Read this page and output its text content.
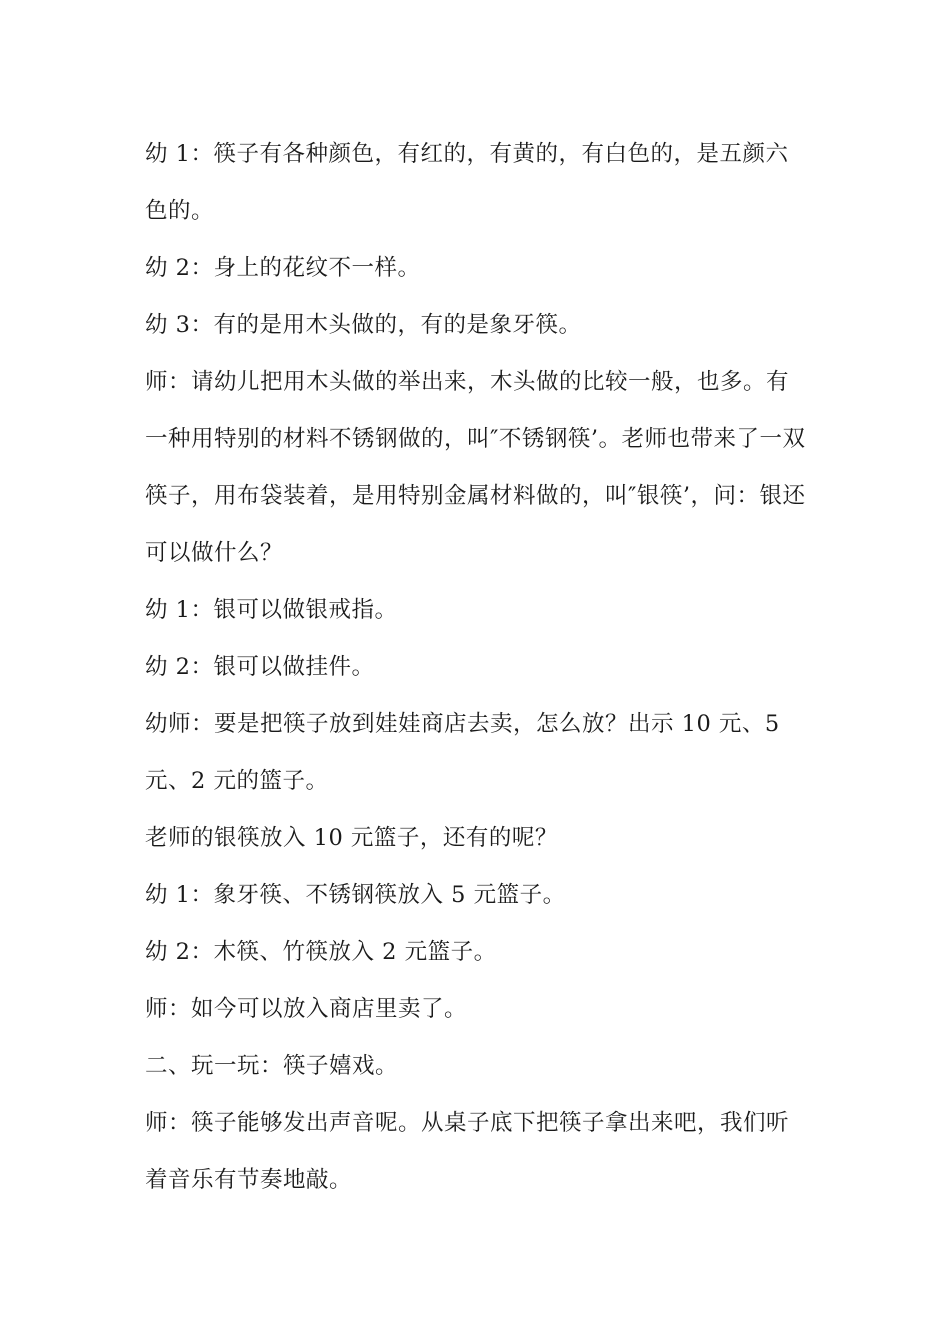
幼 1：筷子有各种颜色，有红的，有黄的，有白色的，是五颜六色的。

幼 2：身上的花纹不一样。

幼 3：有的是用木头做的，有的是象牙筷。

师：请幼儿把用木头做的举出来，木头做的比较一般，也多。有一种用特别的材料不锈钢做的，叫″不锈钢筷’。老师也带来了一双筷子，用布袋装着，是用特别金属材料做的，叫″银筷’，问：银还可以做什么？

幼 1：银可以做银戒指。

幼 2：银可以做挂件。

幼师：要是把筷子放到娃娃商店去卖，怎么放？出示 10 元、5 元、2 元的篮子。

老师的银筷放入 10 元篮子，还有的呢？

幼 1：象牙筷、不锈钢筷放入 5 元篮子。

幼 2：木筷、竹筷放入 2 元篮子。

师：如今可以放入商店里卖了。

二、玩一玩：筷子嬉戏。

师：筷子能够发出声音呢。从桌子底下把筷子拿出来吧，我们听着音乐有节奏地敲。
